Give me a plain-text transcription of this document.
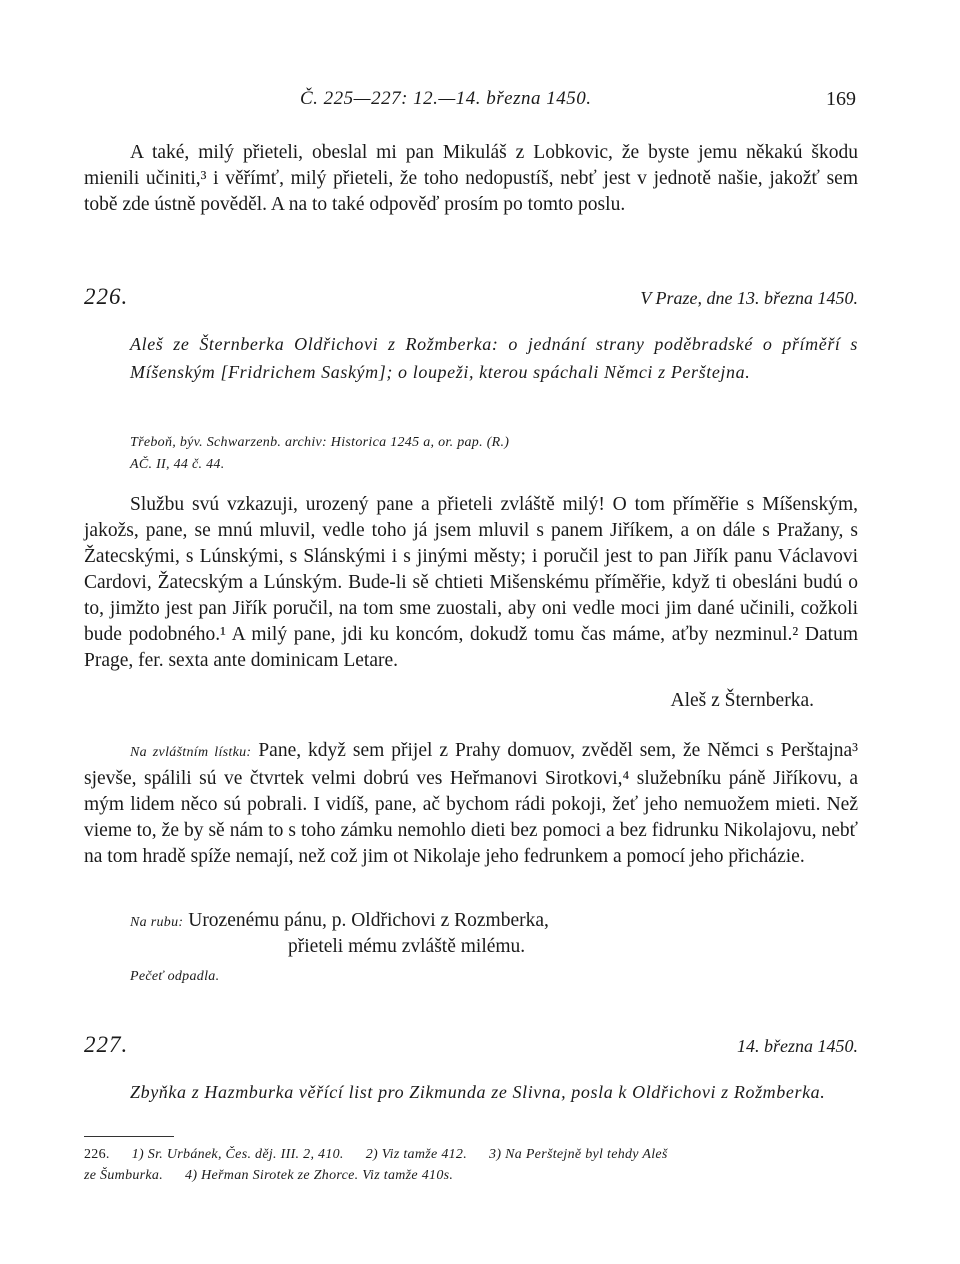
Č. 225—227: 12.—14. března 1450.	169

A také, milý přieteli, obeslal mi pan Mikuláš z Lobkovic, že byste jemu někakú škodu mienili učiniti,³ i věřímť, milý přieteli, že toho nedopustíš, nebť jest v jednotě našie, jakožť sem tobě zde ústně pověděl. A na to také odpověď prosím po tomto poslu.

226.	V Praze, dne 13. března 1450.

Aleš ze Šternberka Oldřichovi z Rožmberka: o jednání strany poděbradské o příměří s Míšenským [Fridrichem Saským]; o loupeži, kterou spáchali Němci z Perštejna.

Třeboň, býv. Schwarzenb. archiv: Historica 1245 a, or. pap. (R.)

AČ. II, 44 č. 44.

Službu svú vzkazuji, urozený pane a přieteli zvláště milý! O tom příměřie s Míšenským, jakožs, pane, se mnú mluvil, vedle toho já jsem mluvil s panem Jiříkem, a on dále s Pražany, s Žatecskými, s Lúnskými, s Slánskými i s jinými městy; i poručil jest to pan Jiřík panu Václavovi Cardovi, Žatecským a Lúnským. Bude-li sě chtieti Mišenskému příměřie, když ti obesláni budú o to, jimžto jest pan Jiřík poručil, na tom sme zuostali, aby oni vedle moci jim dané učinili, cožkoli bude podobného.¹ A milý pane, jdi ku koncóm, dokudž tomu čas máme, aťby nezminul.² Datum Prage, fer. sexta ante dominicam Letare.

Aleš z Šternberka.

Na zvláštním lístku: Pane, když sem přijel z Prahy domuov, zvěděl sem, že Němci s Perštajna³ sjevše, spálili sú ve čtvrtek velmi dobrú ves Heřmanovi Sirotkovi,⁴ služebníku páně Jiříkovu, a mým lidem něco sú pobrali. I vidíš, pane, ač bychom rádi pokoji, žeť jeho nemuožem mieti. Než vieme to, že by sě nám to s toho zámku nemohlo dieti bez pomoci a bez fidrunku Nikolajovu, nebť na tom hradě spíže nemají, než což jim ot Nikolaje jeho fedrunkem a pomocí jeho přicházie.

Na rubu: Urozenému pánu, p. Oldřichovi z Rozmberka,

přieteli mému zvláště milému.

Pečeť odpadla.

227.	14. března 1450.

Zbyňka z Hazmburka věřící list pro Zikmunda ze Slivna, posla k Oldřichovi z Rožmberka.

226. 1) Sr. Urbánek, Čes. děj. III. 2, 410. 2) Viz tamže 412. 3) Na Perštejně byl tehdy Aleš
ze Šumburka. 4) Heřman Sirotek ze Zhorce. Viz tamže 410s.
